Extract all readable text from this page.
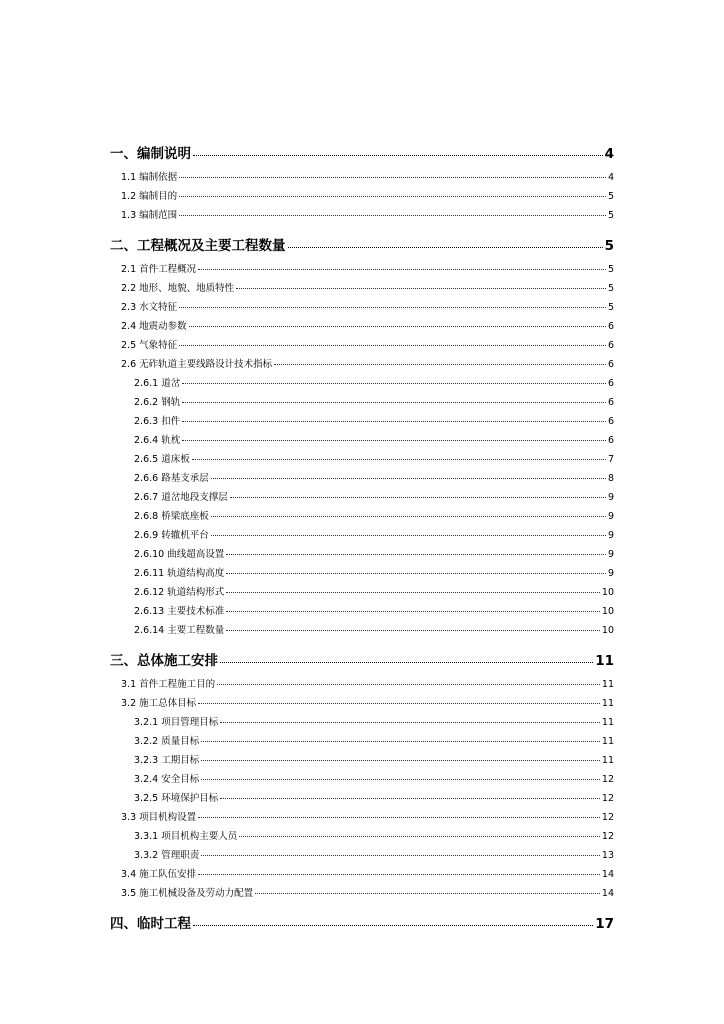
一、编制说明	4
1.1 编制依据	4
1.2 编制目的	5
1.3 编制范围	5
二、工程概况及主要工程数量	5
2.1 首件工程概况	5
2.2 地形、地貌、地质特性	5
2.3 水文特征	5
2.4 地震动参数	6
2.5 气象特征	6
2.6 无砟轨道主要线路设计技术指标	6
2.6.1 道岔	6
2.6.2 钢轨	6
2.6.3 扣件	6
2.6.4 轨枕	6
2.6.5 道床板	7
2.6.6 路基支承层	8
2.6.7 道岔地段支撑层	9
2.6.8 桥梁底座板	9
2.6.9 转辙机平台	9
2.6.10 曲线超高设置	9
2.6.11 轨道结构高度	9
2.6.12 轨道结构形式	10
2.6.13 主要技术标准	10
2.6.14 主要工程数量	10
三、总体施工安排	11
3.1 首件工程施工目的	11
3.2 施工总体目标	11
3.2.1 项目管理目标	11
3.2.2 质量目标	11
3.2.3 工期目标	11
3.2.4 安全目标	12
3.2.5 环境保护目标	12
3.3 项目机构设置	12
3.3.1 项目机构主要人员	12
3.3.2 管理职责	13
3.4 施工队伍安排	14
3.5 施工机械设备及劳动力配置	14
四、临时工程	17
